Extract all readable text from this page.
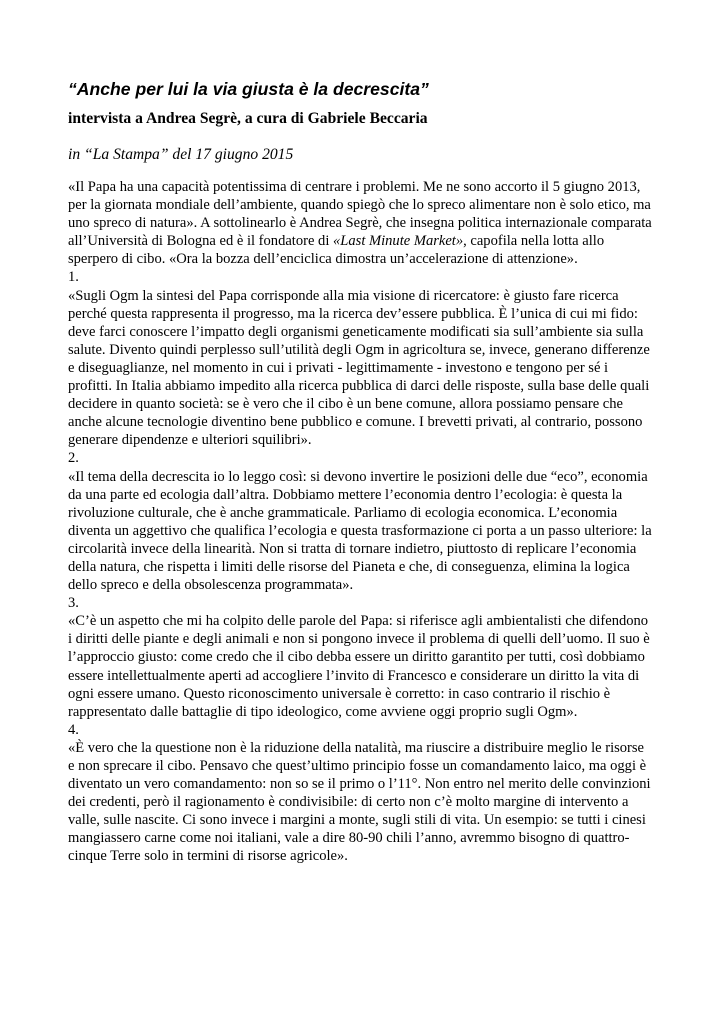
“Anche per lui la via giusta è la decrescita”
intervista a Andrea Segrè, a cura di Gabriele Beccaria
in “La Stampa” del 17 giugno 2015
«Il Papa ha una capacità potentissima di centrare i problemi. Me ne sono accorto il 5 giugno 2013,
per la giornata mondiale dell’ambiente, quando spiegò che lo spreco alimentare non è solo etico, ma
uno spreco di natura». A sottolinearlo è Andrea Segrè, che insegna politica internazionale comparata
all’Università di Bologna ed è il fondatore di «Last Minute Market», capofila nella lotta allo
sperpero di cibo. «Ora la bozza dell’enciclica dimostra un’accelerazione di attenzione».
1.
«Sugli Ogm la sintesi del Papa corrisponde alla mia visione di ricercatore: è giusto fare ricerca
perché questa rappresenta il progresso, ma la ricerca dev’essere pubblica. È l’unica di cui mi fido:
deve farci conoscere l’impatto degli organismi geneticamente modificati sia sull’ambiente sia sulla
salute. Divento quindi perplesso sull’utilità degli Ogm in agricoltura se, invece, generano differenze
e diseguaglianze, nel momento in cui i privati - legittimamente - investono e tengono per sé i
profitti. In Italia abbiamo impedito alla ricerca pubblica di darci delle risposte, sulla base delle quali
decidere in quanto società: se è vero che il cibo è un bene comune, allora possiamo pensare che
anche alcune tecnologie diventino bene pubblico e comune. I brevetti privati, al contrario, possono
generare dipendenze e ulteriori squilibri».
2.
«Il tema della decrescita io lo leggo così: si devono invertire le posizioni delle due “eco”, economia
da una parte ed ecologia dall’altra. Dobbiamo mettere l’economia dentro l’ecologia: è questa la
rivoluzione culturale, che è anche grammaticale. Parliamo di ecologia economica. L’economia
diventa un aggettivo che qualifica l’ecologia e questa trasformazione ci porta a un passo ulteriore: la
circolarità invece della linearità. Non si tratta di tornare indietro, piuttosto di replicare l’economia
della natura, che rispetta i limiti delle risorse del Pianeta e che, di conseguenza, elimina la logica
dello spreco e della obsolescenza programmata».
3.
«C’è un aspetto che mi ha colpito delle parole del Papa: si riferisce agli ambientalisti che difendono
i diritti delle piante e degli animali e non si pongono invece il problema di quelli dell’uomo. Il suo è
l’approccio giusto: come credo che il cibo debba essere un diritto garantito per tutti, così dobbiamo
essere intellettualmente aperti ad accogliere l’invito di Francesco e considerare un diritto la vita di
ogni essere umano. Questo riconoscimento universale è corretto: in caso contrario il rischio è
rappresentato dalle battaglie di tipo ideologico, come avviene oggi proprio sugli Ogm».
4.
«È vero che la questione non è la riduzione della natalità, ma riuscire a distribuire meglio le risorse
e non sprecare il cibo. Pensavo che quest’ultimo principio fosse un comandamento laico, ma oggi è
diventato un vero comandamento: non so se il primo o l’11°. Non entro nel merito delle convinzioni
dei credenti, però il ragionamento è condivisibile: di certo non c’è molto margine di intervento a
valle, sulle nascite. Ci sono invece i margini a monte, sugli stili di vita. Un esempio: se tutti i cinesi
mangiassero carne come noi italiani, vale a dire 80-90 chili l’anno, avremmo bisogno di quattro-
cinque Terre solo in termini di risorse agricole».
